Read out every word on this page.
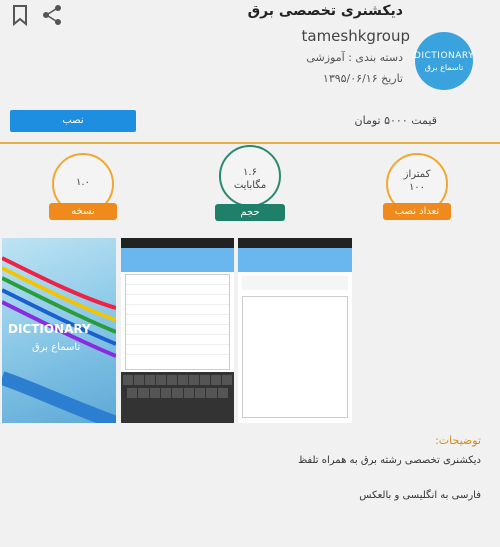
دیکشنری تخصصی برق
tameshkgroup
دسته بندی : آموزشی
تاریخ ۱۳۹۵/۰۶/۱۶
DICTIONARY
تاسماع برق
نصب	قیمت ۵۰۰۰ تومان
کمتراز
۱۰۰
تعداد نصب
۱.۶
مگابایت
حجم
۱.۰
نسخه
DICTIONARY
تاسماع برق
توضیحات:
دیکشنری تخصصی رشته برق به همراه تلفظ
فارسی به انگلیسی و بالعکس
